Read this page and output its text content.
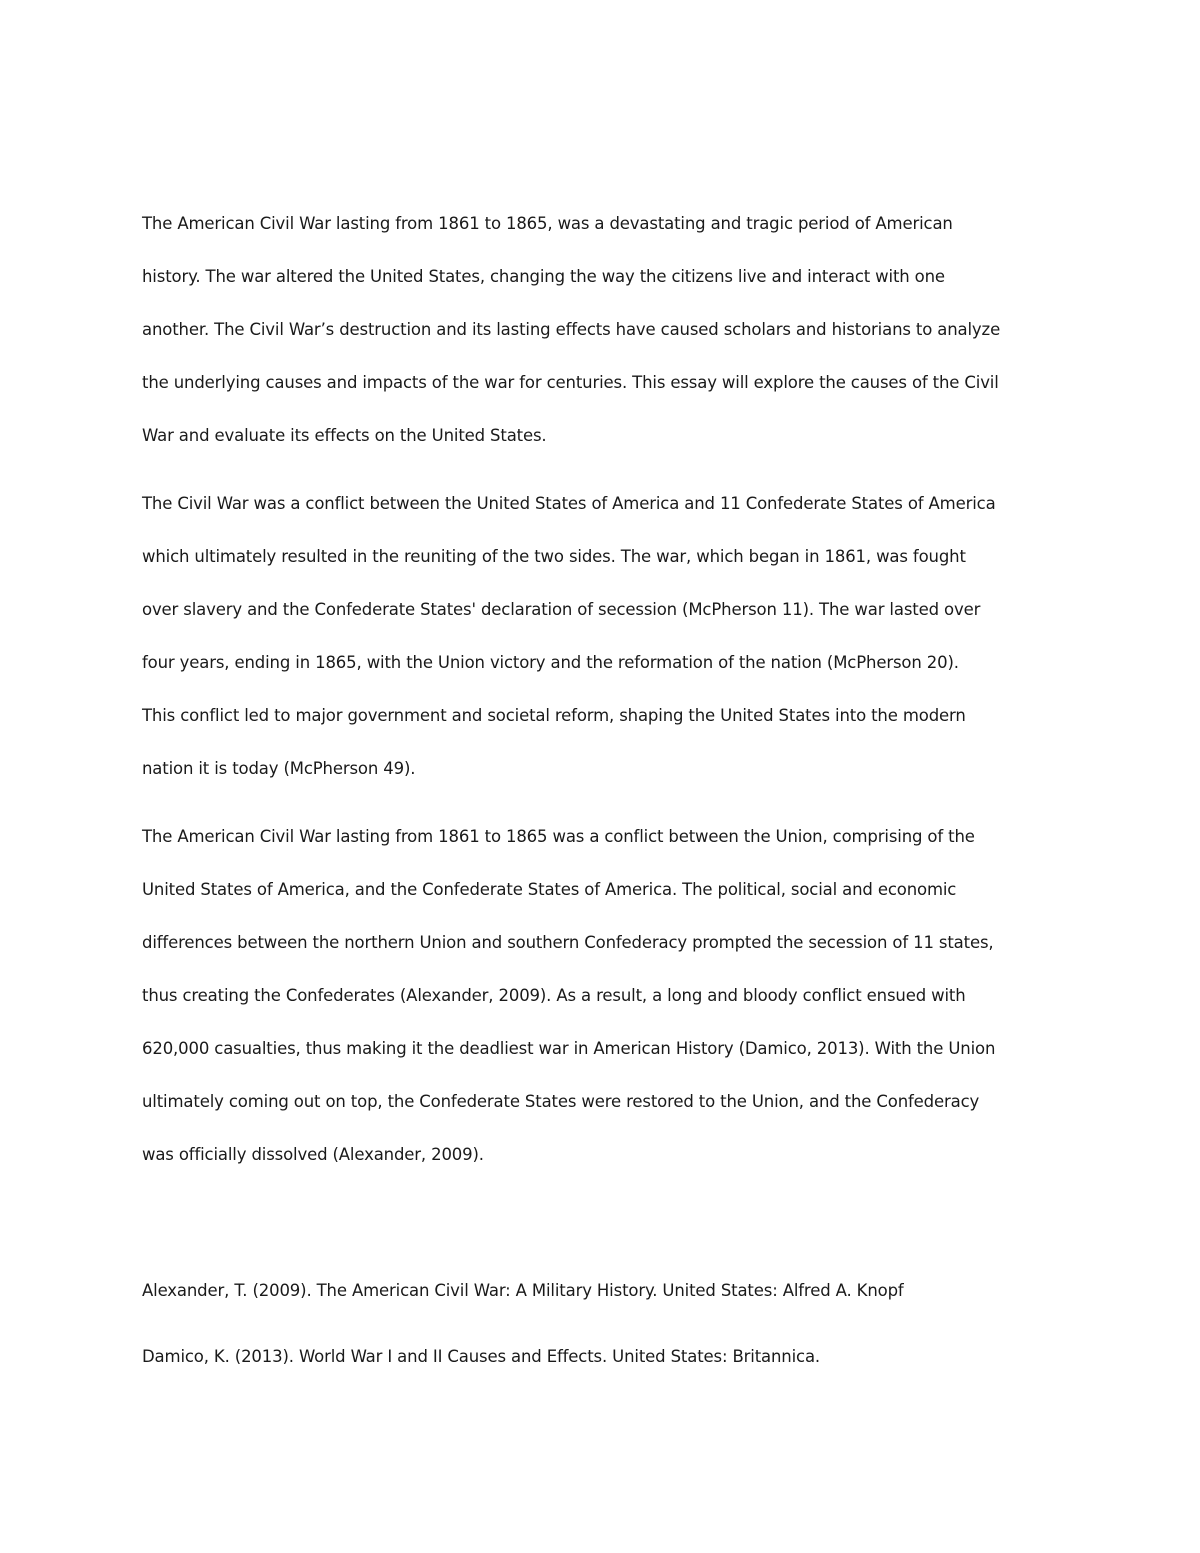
The American Civil War lasting from 1861 to 1865, was a devastating and tragic period of American
history. The war altered the United States, changing the way the citizens live and interact with one
another. The Civil War’s destruction and its lasting effects have caused scholars and historians to analyze
the underlying causes and impacts of the war for centuries. This essay will explore the causes of the Civil
War and evaluate its effects on the United States.
The Civil War was a conflict between the United States of America and 11 Confederate States of America
which ultimately resulted in the reuniting of the two sides. The war, which began in 1861, was fought
over slavery and the Confederate States' declaration of secession (McPherson 11). The war lasted over
four years, ending in 1865, with the Union victory and the reformation of the nation (McPherson 20).
This conflict led to major government and societal reform, shaping the United States into the modern
nation it is today (McPherson 49).
The American Civil War lasting from 1861 to 1865 was a conflict between the Union, comprising of the
United States of America, and the Confederate States of America. The political, social and economic
differences between the northern Union and southern Confederacy prompted the secession of 11 states,
thus creating the Confederates (Alexander, 2009). As a result, a long and bloody conflict ensued with
620,000 casualties, thus making it the deadliest war in American History (Damico, 2013). With the Union
ultimately coming out on top, the Confederate States were restored to the Union, and the Confederacy
was officially dissolved (Alexander, 2009).
Alexander, T. (2009). The American Civil War: A Military History. United States: Alfred A. Knopf
Damico, K. (2013). World War I and II Causes and Effects. United States: Britannica.
